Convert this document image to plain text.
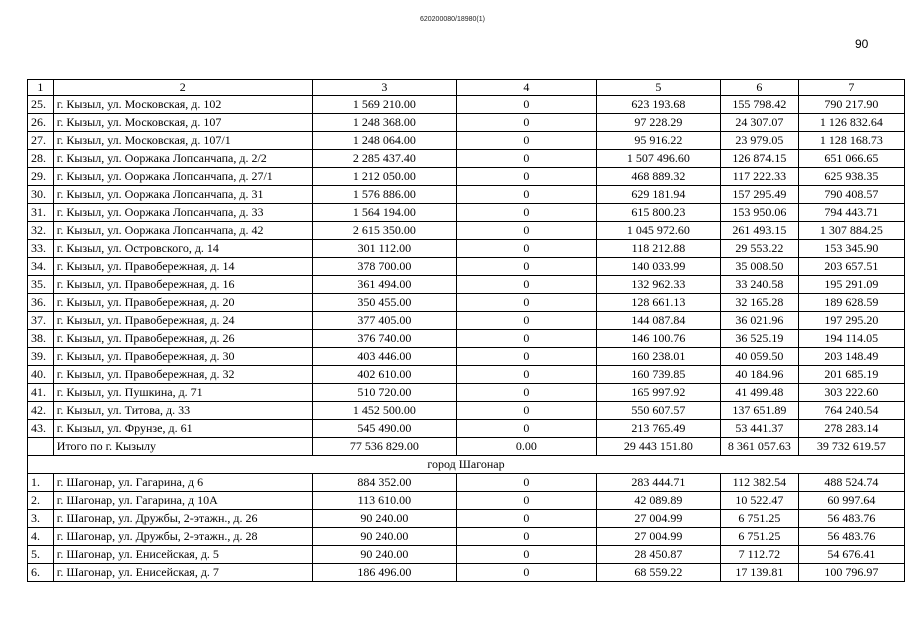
620200080/18980(1)
90
1	2	3	4	5	6	7
25.	г. Кызыл, ул. Московская, д. 102	1 569 210.00	0	623 193.68	155 798.42	790 217.90
26.	г. Кызыл, ул. Московская, д. 107	1 248 368.00	0	97 228.29	24 307.07	1 126 832.64
27.	г. Кызыл, ул. Московская, д. 107/1	1 248 064.00	0	95 916.22	23 979.05	1 128 168.73
28.	г. Кызыл, ул. Ооржака Лопсанчапа, д. 2/2	2 285 437.40	0	1 507 496.60	126 874.15	651 066.65
29.	г. Кызыл, ул. Ооржака Лопсанчапа, д. 27/1	1 212 050.00	0	468 889.32	117 222.33	625 938.35
30.	г. Кызыл, ул. Ооржака Лопсанчапа, д. 31	1 576 886.00	0	629 181.94	157 295.49	790 408.57
31.	г. Кызыл, ул. Ооржака Лопсанчапа, д. 33	1 564 194.00	0	615 800.23	153 950.06	794 443.71
32.	г. Кызыл, ул. Ооржака Лопсанчапа, д. 42	2 615 350.00	0	1 045 972.60	261 493.15	1 307 884.25
33.	г. Кызыл, ул. Островского, д. 14	301 112.00	0	118 212.88	29 553.22	153 345.90
34.	г. Кызыл, ул. Правобережная, д. 14	378 700.00	0	140 033.99	35 008.50	203 657.51
35.	г. Кызыл, ул. Правобережная, д. 16	361 494.00	0	132 962.33	33 240.58	195 291.09
36.	г. Кызыл, ул. Правобережная, д. 20	350 455.00	0	128 661.13	32 165.28	189 628.59
37.	г. Кызыл, ул. Правобережная, д. 24	377 405.00	0	144 087.84	36 021.96	197 295.20
38.	г. Кызыл, ул. Правобережная, д. 26	376 740.00	0	146 100.76	36 525.19	194 114.05
39.	г. Кызыл, ул. Правобережная, д. 30	403 446.00	0	160 238.01	40 059.50	203 148.49
40.	г. Кызыл, ул. Правобережная, д. 32	402 610.00	0	160 739.85	40 184.96	201 685.19
41.	г. Кызыл, ул. Пушкина, д. 71	510 720.00	0	165 997.92	41 499.48	303 222.60
42.	г. Кызыл, ул. Титова, д. 33	1 452 500.00	0	550 607.57	137 651.89	764 240.54
43.	г. Кызыл, ул. Фрунзе, д. 61	545 490.00	0	213 765.49	53 441.37	278 283.14
	Итого по г. Кызылу	77 536 829.00	0.00	29 443 151.80	8 361 057.63	39 732 619.57
город Шагонар						
1.	г. Шагонар, ул. Гагарина, д 6	884 352.00	0	283 444.71	112 382.54	488 524.74
2.	г. Шагонар, ул. Гагарина, д 10А	113 610.00	0	42 089.89	10 522.47	60 997.64
3.	г. Шагонар, ул. Дружбы, 2-этажн., д. 26	90 240.00	0	27 004.99	6 751.25	56 483.76
4.	г. Шагонар, ул. Дружбы, 2-этажн., д. 28	90 240.00	0	27 004.99	6 751.25	56 483.76
5.	г. Шагонар, ул. Енисейская, д. 5	90 240.00	0	28 450.87	7 112.72	54 676.41
6.	г. Шагонар, ул. Енисейская, д. 7	186 496.00	0	68 559.22	17 139.81	100 796.97
